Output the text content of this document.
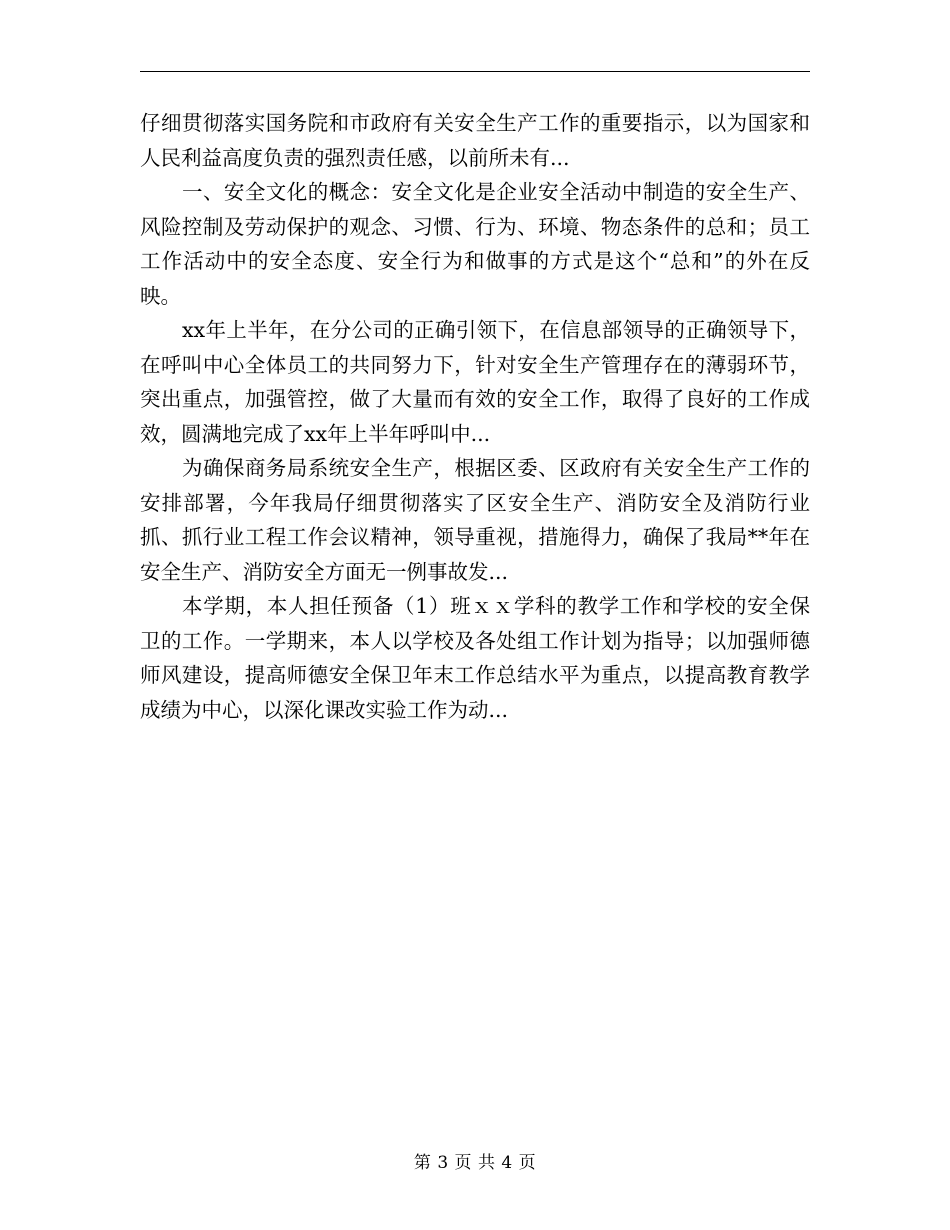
仔细贯彻落实国务院和市政府有关安全生产工作的重要指示，以为国家和人民利益高度负责的强烈责任感，以前所未有...

一、安全文化的概念：安全文化是企业安全活动中制造的安全生产、风险控制及劳动保护的观念、习惯、行为、环境、物态条件的总和；员工工作活动中的安全态度、安全行为和做事的方式是这个“总和”的外在反映。

xx年上半年，在分公司的正确引领下，在信息部领导的正确领导下，在呼叫中心全体员工的共同努力下，针对安全生产管理存在的薄弱环节，突出重点，加强管控，做了大量而有效的安全工作，取得了良好的工作成效，圆满地完成了xx年上半年呼叫中...

为确保商务局系统安全生产，根据区委、区政府有关安全生产工作的安排部署，今年我局仔细贯彻落实了区安全生产、消防安全及消防行业抓、抓行业工程工作会议精神，领导重视，措施得力，确保了我局**年在安全生产、消防安全方面无一例事故发...

本学期，本人担任预备（1）班ｘｘ学科的教学工作和学校的安全保卫的工作。一学期来，本人以学校及各处组工作计划为指导；以加强师德师风建设，提高师德安全保卫年末工作总结水平为重点，以提高教育教学成绩为中心，以深化课改实验工作为动...

第 3 页 共 4 页
